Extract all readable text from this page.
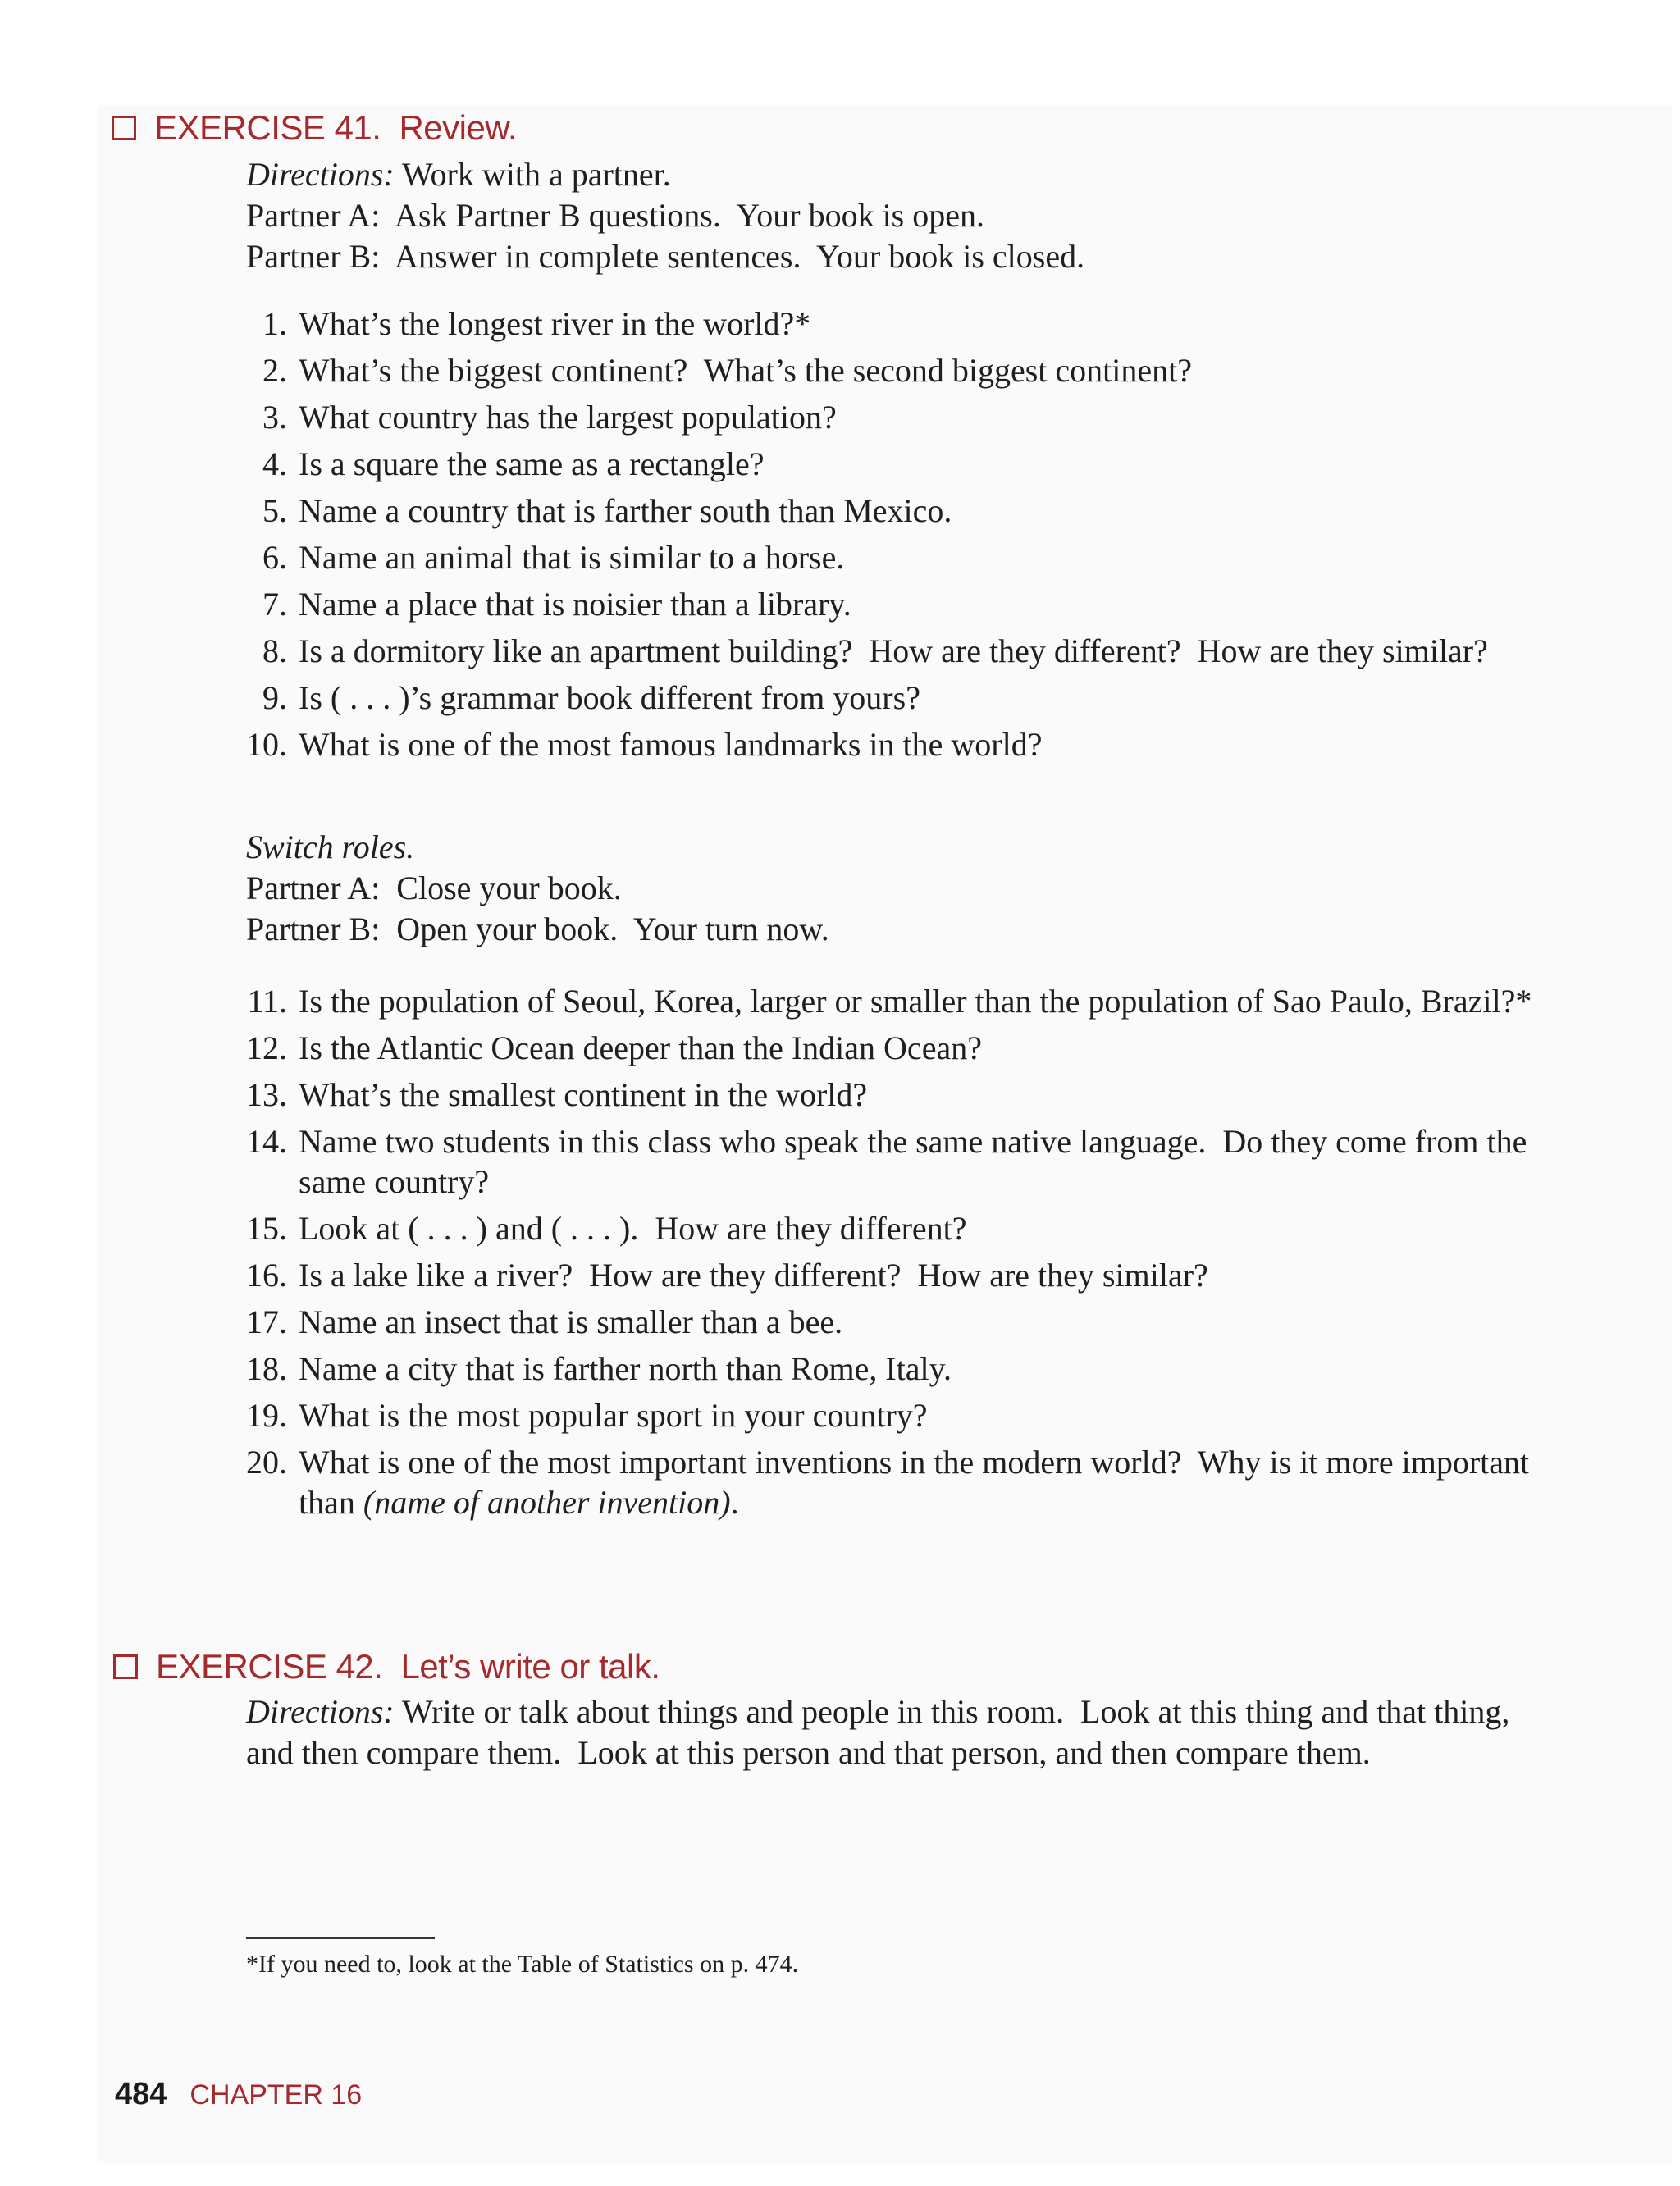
EXERCISE 41. Review.
Directions: Work with a partner.
Partner A:  Ask Partner B questions.  Your book is open.
Partner B:  Answer in complete sentences.  Your book is closed.
1. What’s the longest river in the world?*
2. What’s the biggest continent?  What’s the second biggest continent?
3. What country has the largest population?
4. Is a square the same as a rectangle?
5. Name a country that is farther south than Mexico.
6. Name an animal that is similar to a horse.
7. Name a place that is noisier than a library.
8. Is a dormitory like an apartment building?  How are they different?  How are they similar?
9. Is ( . . . )’s grammar book different from yours?
10. What is one of the most famous landmarks in the world?
Switch roles.
Partner A:  Close your book.
Partner B:  Open your book.  Your turn now.
11. Is the population of Seoul, Korea, larger or smaller than the population of Sao Paulo, Brazil?*
12. Is the Atlantic Ocean deeper than the Indian Ocean?
13. What’s the smallest continent in the world?
14. Name two students in this class who speak the same native language.  Do they come from the same country?
15. Look at ( . . . ) and ( . . . ).  How are they different?
16. Is a lake like a river?  How are they different?  How are they similar?
17. Name an insect that is smaller than a bee.
18. Name a city that is farther north than Rome, Italy.
19. What is the most popular sport in your country?
20. What is one of the most important inventions in the modern world?  Why is it more important than (name of another invention).
EXERCISE 42. Let’s write or talk.
Directions: Write or talk about things and people in this room.  Look at this thing and that thing, and then compare them.  Look at this person and that person, and then compare them.
*If you need to, look at the Table of Statistics on p. 474.
484 CHAPTER 16
